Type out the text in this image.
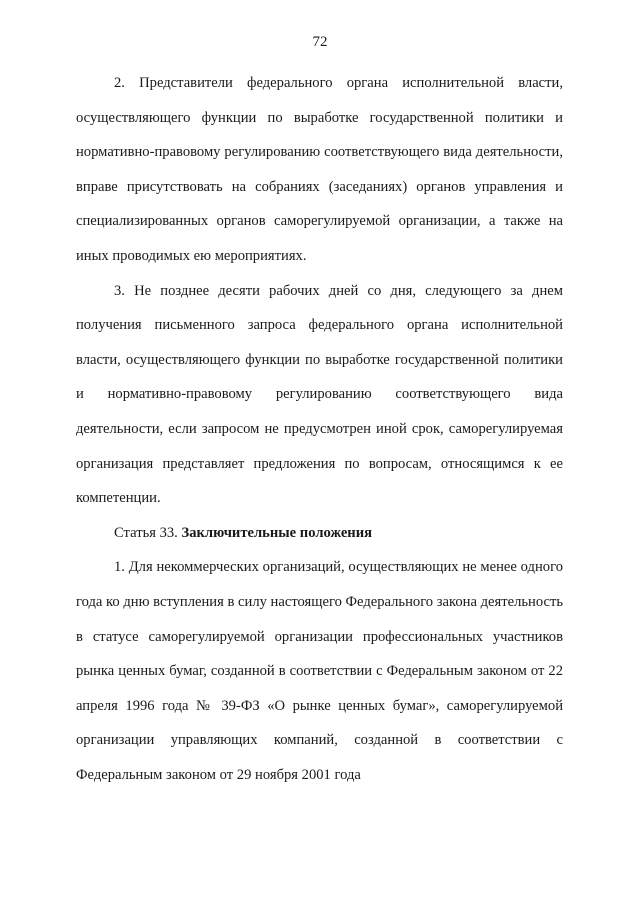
72

2. Представители федерального органа исполнительной власти, осуществляющего функции по выработке государственной политики и нормативно-правовому регулированию соответствующего вида деятельности, вправе присутствовать на собраниях (заседаниях) органов управления и специализированных органов саморегулируемой организации, а также на иных проводимых ею мероприятиях.

3. Не позднее десяти рабочих дней со дня, следующего за днем получения письменного запроса федерального органа исполнительной власти, осуществляющего функции по выработке государственной политики и нормативно-правовому регулированию соответствующего вида деятельности, если запросом не предусмотрен иной срок, саморегулируемая организация представляет предложения по вопросам, относящимся к ее компетенции.

Статья 33. Заключительные положения

1. Для некоммерческих организаций, осуществляющих не менее одного года ко дню вступления в силу настоящего Федерального закона деятельность в статусе саморегулируемой организации профессиональных участников рынка ценных бумаг, созданной в соответствии с Федеральным законом от 22 апреля 1996 года № 39-ФЗ «О рынке ценных бумаг», саморегулируемой организации управляющих компаний, созданной в соответствии с Федеральным законом от 29 ноября 2001 года
